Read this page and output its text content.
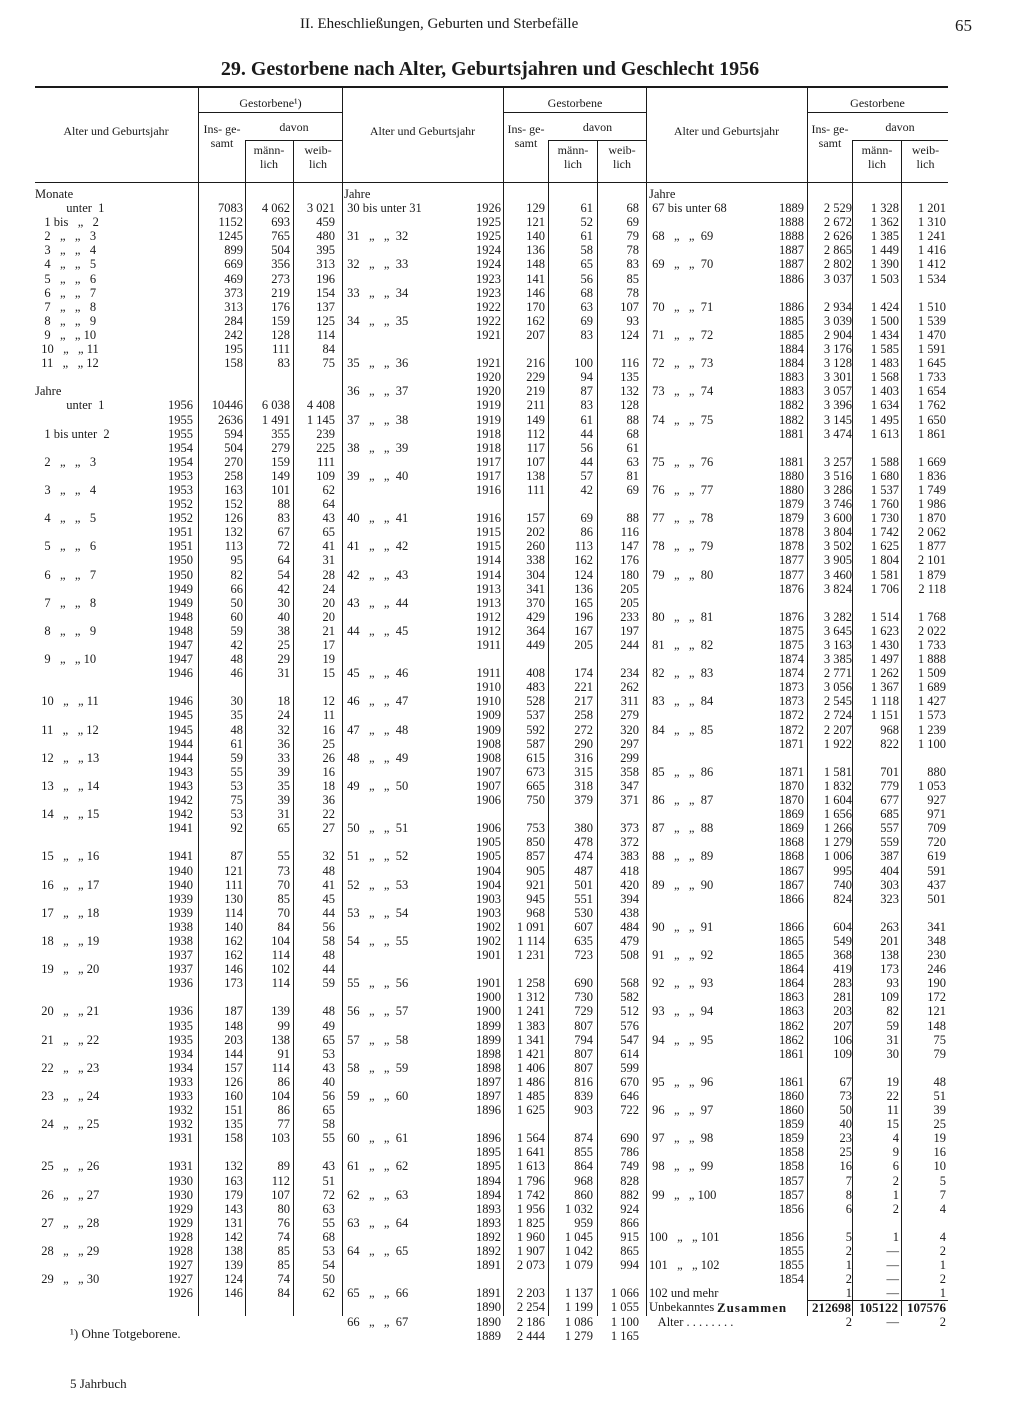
II. Eheschließungen, Geburten und Sterbefälle	65
29. Gestorbene nach Alter, Geburtsjahren und Geschlecht 1956
Alter und Geburtsjahr
Gestorbene¹)
Ins- ge- samt
davon
männ- lich
weib- lich
Alter und Geburtsjahr
Gestorbene
Ins- ge- samt
davon
männ- lich
weib- lich
Alter und Geburtsjahr
Gestorbene
Ins- ge- samt
davon
männ- lich
weib- lich
Monate
unter  1	7083	4 062	3 021
1 bis   „   2	1152	693	459
2   „   „   3	1245	765	480
3   „   „   4	899	504	395
4   „   „   5	669	356	313
5   „   „   6	469	273	196
6   „   „   7	373	219	154
7   „   „   8	313	176	137
8   „   „   9	284	159	125
9   „   „ 10	242	128	114
10   „   „ 11	195	111	84
11   „   „ 12	158	83	75
Jahre
unter  1	1956	10446	6 038	4 408
1955	2636	1 491	1 145
1 bis unter  2	1955	594	355	239
1954	504	279	225
2   „   „   3	1954	270	159	111
1953	258	149	109
3   „   „   4	1953	163	101	62
1952	152	88	64
4   „   „   5	1952	126	83	43
1951	132	67	65
5   „   „   6	1951	113	72	41
1950	95	64	31
6   „   „   7	1950	82	54	28
1949	66	42	24
7   „   „   8	1949	50	30	20
1948	60	40	20
8   „   „   9	1948	59	38	21
1947	42	25	17
9   „   „ 10	1947	48	29	19
1946	46	31	15
10   „   „ 11	1946	30	18	12
1945	35	24	11
11   „   „ 12	1945	48	32	16
1944	61	36	25
12   „   „ 13	1944	59	33	26
1943	55	39	16
13   „   „ 14	1943	53	35	18
1942	75	39	36
14   „   „ 15	1942	53	31	22
1941	92	65	27
15   „   „ 16	1941	87	55	32
1940	121	73	48
16   „   „ 17	1940	111	70	41
1939	130	85	45
17   „   „ 18	1939	114	70	44
1938	140	84	56
18   „   „ 19	1938	162	104	58
1937	162	114	48
19   „   „ 20	1937	146	102	44
1936	173	114	59
20   „   „ 21	1936	187	139	48
1935	148	99	49
21   „   „ 22	1935	203	138	65
1934	144	91	53
22   „   „ 23	1934	157	114	43
1933	126	86	40
23   „   „ 24	1933	160	104	56
1932	151	86	65
24   „   „ 25	1932	135	77	58
1931	158	103	55
25   „   „ 26	1931	132	89	43
1930	163	112	51
26   „   „ 27	1930	179	107	72
1929	143	80	63
27   „   „ 28	1929	131	76	55
1928	142	74	68
28   „   „ 29	1928	138	85	53
1927	139	85	54
29   „   „ 30	1927	124	74	50
1926	146	84	62
Jahre
30 bis unter 31	1926	129	61	68
1925	121	52	69
31   „   „  32	1925	140	61	79
1924	136	58	78
32   „   „  33	1924	148	65	83
1923	141	56	85
33   „   „  34	1923	146	68	78
1922	170	63	107
34   „   „  35	1922	162	69	93
1921	207	83	124
35   „   „  36	1921	216	100	116
1920	229	94	135
36   „   „  37	1920	219	87	132
1919	211	83	128
37   „   „  38	1919	149	61	88
1918	112	44	68
38   „   „  39	1918	117	56	61
1917	107	44	63
39   „   „  40	1917	138	57	81
1916	111	42	69
40   „   „  41	1916	157	69	88
1915	202	86	116
41   „   „  42	1915	260	113	147
1914	338	162	176
42   „   „  43	1914	304	124	180
1913	341	136	205
43   „   „  44	1913	370	165	205
1912	429	196	233
44   „   „  45	1912	364	167	197
1911	449	205	244
45   „   „  46	1911	408	174	234
1910	483	221	262
46   „   „  47	1910	528	217	311
1909	537	258	279
47   „   „  48	1909	592	272	320
1908	587	290	297
48   „   „  49	1908	615	316	299
1907	673	315	358
49   „   „  50	1907	665	318	347
1906	750	379	371
50   „   „  51	1906	753	380	373
1905	850	478	372
51   „   „  52	1905	857	474	383
1904	905	487	418
52   „   „  53	1904	921	501	420
1903	945	551	394
53   „   „  54	1903	968	530	438
1902	1 091	607	484
54   „   „  55	1902	1 114	635	479
1901	1 231	723	508
55   „   „  56	1901	1 258	690	568
1900	1 312	730	582
56   „   „  57	1900	1 241	729	512
1899	1 383	807	576
57   „   „  58	1899	1 341	794	547
1898	1 421	807	614
58   „   „  59	1898	1 406	807	599
1897	1 486	816	670
59   „   „  60	1897	1 485	839	646
1896	1 625	903	722
60   „   „  61	1896	1 564	874	690
1895	1 641	855	786
61   „   „  62	1895	1 613	864	749
1894	1 796	968	828
62   „   „  63	1894	1 742	860	882
1893	1 956	1 032	924
63   „   „  64	1893	1 825	959	866
1892	1 960	1 045	915
64   „   „  65	1892	1 907	1 042	865
1891	2 073	1 079	994
65   „   „  66	1891	2 203	1 137	1 066
1890	2 254	1 199	1 055
66   „   „  67	1890	2 186	1 086	1 100
1889	2 444	1 279	1 165
Jahre
67 bis unter 68	1889	2 529	1 328	1 201
1888	2 672	1 362	1 310
68   „   „  69	1888	2 626	1 385	1 241
1887	2 865	1 449	1 416
69   „   „  70	1887	2 802	1 390	1 412
1886	3 037	1 503	1 534
70   „   „  71	1886	2 934	1 424	1 510
1885	3 039	1 500	1 539
71   „   „  72	1885	2 904	1 434	1 470
1884	3 176	1 585	1 591
72   „   „  73	1884	3 128	1 483	1 645
1883	3 301	1 568	1 733
73   „   „  74	1883	3 057	1 403	1 654
1882	3 396	1 634	1 762
74   „   „  75	1882	3 145	1 495	1 650
1881	3 474	1 613	1 861
75   „   „  76	1881	3 257	1 588	1 669
1880	3 516	1 680	1 836
76   „   „  77	1880	3 286	1 537	1 749
1879	3 746	1 760	1 986
77   „   „  78	1879	3 600	1 730	1 870
1878	3 804	1 742	2 062
78   „   „  79	1878	3 502	1 625	1 877
1877	3 905	1 804	2 101
79   „   „  80	1877	3 460	1 581	1 879
1876	3 824	1 706	2 118
80   „   „  81	1876	3 282	1 514	1 768
1875	3 645	1 623	2 022
81   „   „  82	1875	3 163	1 430	1 733
1874	3 385	1 497	1 888
82   „   „  83	1874	2 771	1 262	1 509
1873	3 056	1 367	1 689
83   „   „  84	1873	2 545	1 118	1 427
1872	2 724	1 151	1 573
84   „   „  85	1872	2 207	968	1 239
1871	1 922	822	1 100
85   „   „  86	1871	1 581	701	880
1870	1 832	779	1 053
86   „   „  87	1870	1 604	677	927
1869	1 656	685	971
87   „   „  88	1869	1 266	557	709
1868	1 279	559	720
88   „   „  89	1868	1 006	387	619
1867	995	404	591
89   „   „  90	1867	740	303	437
1866	824	323	501
90   „   „  91	1866	604	263	341
1865	549	201	348
91   „   „  92	1865	368	138	230
1864	419	173	246
92   „   „  93	1864	283	93	190
1863	281	109	172
93   „   „  94	1863	203	82	121
1862	207	59	148
94   „   „  95	1862	106	31	75
1861	109	30	79
95   „   „  96	1861	67	19	48
1860	73	22	51
96   „   „  97	1860	50	11	39
1859	40	15	25
97   „   „  98	1859	23	4	19
1858	25	9	16
98   „   „  99	1858	16	6	10
1857	7	2	5
99   „   „ 100	1857	8	1	7
1856	6	2	4
100   „   „ 101	1856	5	1	4
1855	2	—	2
101   „   „ 102	1855	1	—	1
1854	2	—	2
102 und mehr	1	—	1
Unbekanntes
Alter . . . . . . . .	2	—	2
Zusammen 212698 105122 107576
¹) Ohne Totgeborene.
5 Jahrbuch
